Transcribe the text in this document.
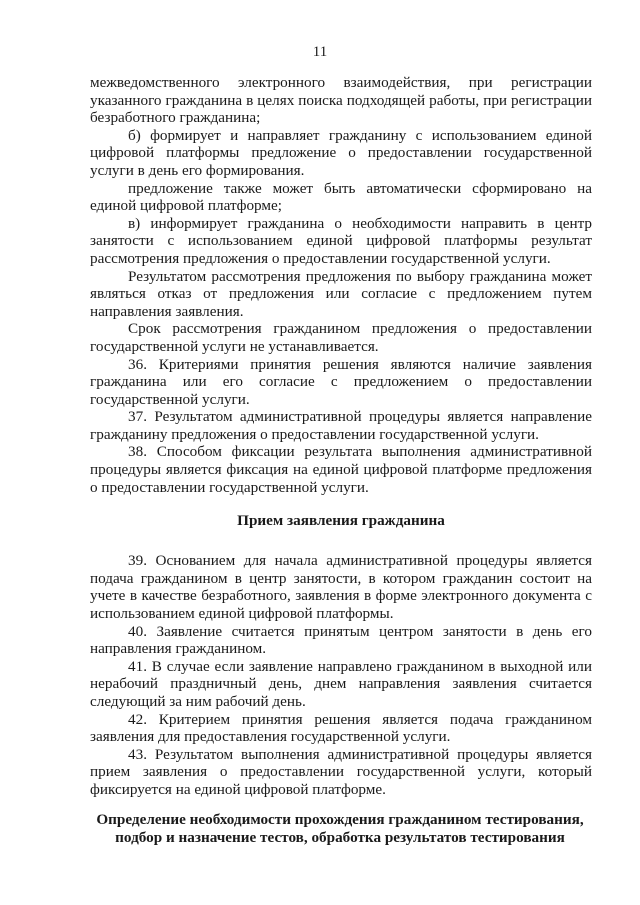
11

межведомственного электронного взаимодействия, при регистрации указанного гражданина в целях поиска подходящей работы, при регистрации безработного гражданина;

б) формирует и направляет гражданину с использованием единой цифровой платформы предложение о предоставлении государственной услуги в день его формирования.

предложение также может быть автоматически сформировано на единой цифровой платформе;

в) информирует гражданина о необходимости направить в центр занятости с использованием единой цифровой платформы результат рассмотрения предложения о предоставлении государственной услуги.

Результатом рассмотрения предложения по выбору гражданина может являться отказ от предложения или согласие с предложением путем направления заявления.

Срок рассмотрения гражданином предложения о предоставлении государственной услуги не устанавливается.

36. Критериями принятия решения являются наличие заявления гражданина или его согласие с предложением о предоставлении государственной услуги.

37. Результатом административной процедуры является направление гражданину предложения о предоставлении государственной услуги.

38. Способом фиксации результата выполнения административной процедуры является фиксация на единой цифровой платформе предложения о предоставлении государственной услуги.

Прием заявления гражданина

39. Основанием для начала административной процедуры является подача гражданином в центр занятости, в котором гражданин состоит на учете в качестве безработного, заявления в форме электронного документа с использованием единой цифровой платформы.

40. Заявление считается принятым центром занятости в день его направления гражданином.

41. В случае если заявление направлено гражданином в выходной или нерабочий праздничный день, днем направления заявления считается следующий за ним рабочий день.

42. Критерием принятия решения является подача гражданином заявления для предоставления государственной услуги.

43. Результатом выполнения административной процедуры является прием заявления о предоставлении государственной услуги, который фиксируется на единой цифровой платформе.

Определение необходимости прохождения гражданином тестирования,

подбор и назначение тестов, обработка результатов тестирования
